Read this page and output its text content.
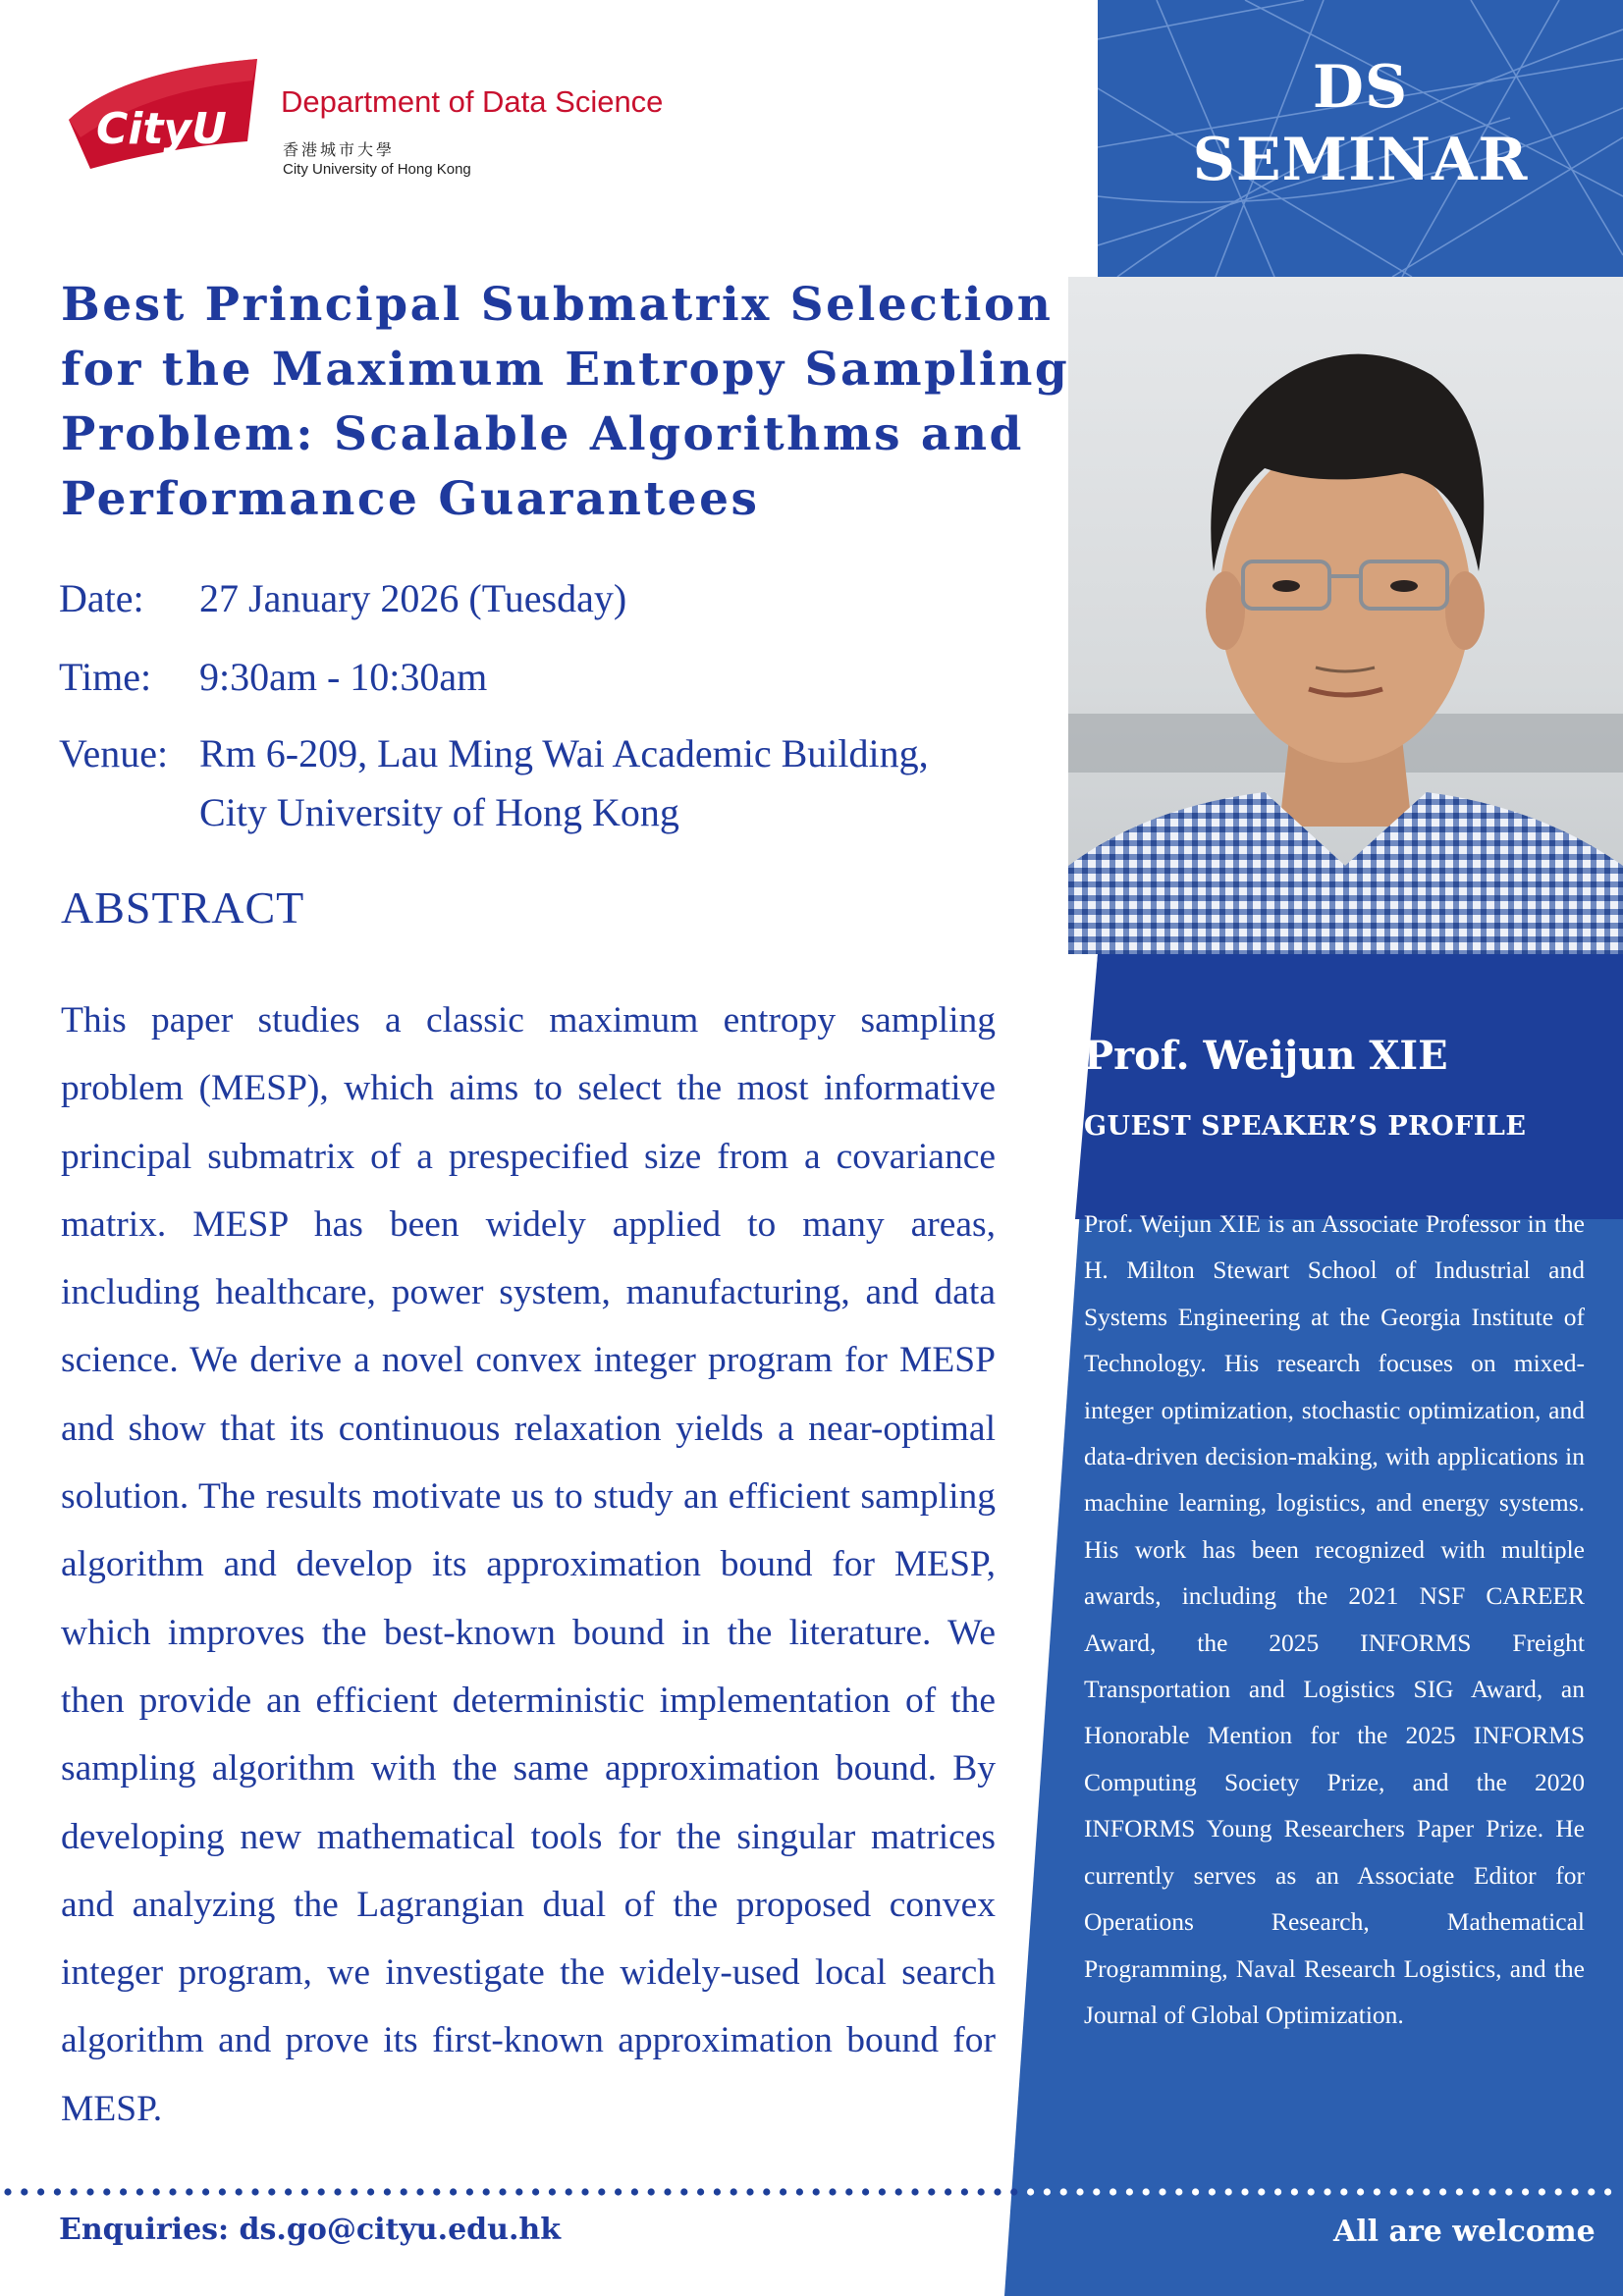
DS
SEMINAR
Prof. Weijun XIE
GUEST SPEAKER’S PROFILE

Prof. Weijun XIE is an Associate Professor in the H. Milton Stewart School of Industrial and Systems Engineering at the Georgia Institute of Technology. His research focuses on mixed-integer optimization, stochastic optimization, and data-driven decision-making, with applications in machine learning, logistics, and energy systems. His work has been recognized with multiple awards, including the 2021 NSF CAREER Award, the 2025 INFORMS Freight Transportation and Logistics SIG Award, an Honorable Mention for the 2025 INFORMS Computing Society Prize, and the 2020 INFORMS Young Researchers Paper Prize. He currently serves as an Associate Editor for Operations Research, Mathematical Programming, Naval Research Logistics, and the Journal of Global Optimization.

CityU
Department of Data Science
香港城市大學
City University of Hong Kong
Best Principal Submatrix Selection for the Maximum Entropy Sampling Problem: Scalable Algorithms and Performance Guarantees
Date: 27 January 2026 (Tuesday)
Time: 9:30am - 10:30am
Venue: Rm 6-209, Lau Ming Wai Academic Building,
City University of Hong Kong
ABSTRACT

This paper studies a classic maximum entropy sampling problem (MESP), which aims to select the most informative principal submatrix of a prespecified size from a covariance matrix. MESP has been widely applied to many areas, including healthcare, power system, manufacturing, and data science. We derive a novel convex integer program for MESP and show that its continuous relaxation yields a near-optimal solution. The results motivate us to study an efficient sampling algorithm and develop its approximation bound for MESP, which improves the best-known bound in the literature. We then provide an efficient deterministic implementation of the sampling algorithm with the same approximation bound. By developing new mathematical tools for the singular matrices and analyzing the Lagrangian dual of the proposed convex integer program, we investigate the widely-used local search algorithm and prove its first-known approximation bound for MESP.

Enquiries: ds.go@cityu.edu.hk	All are welcome
